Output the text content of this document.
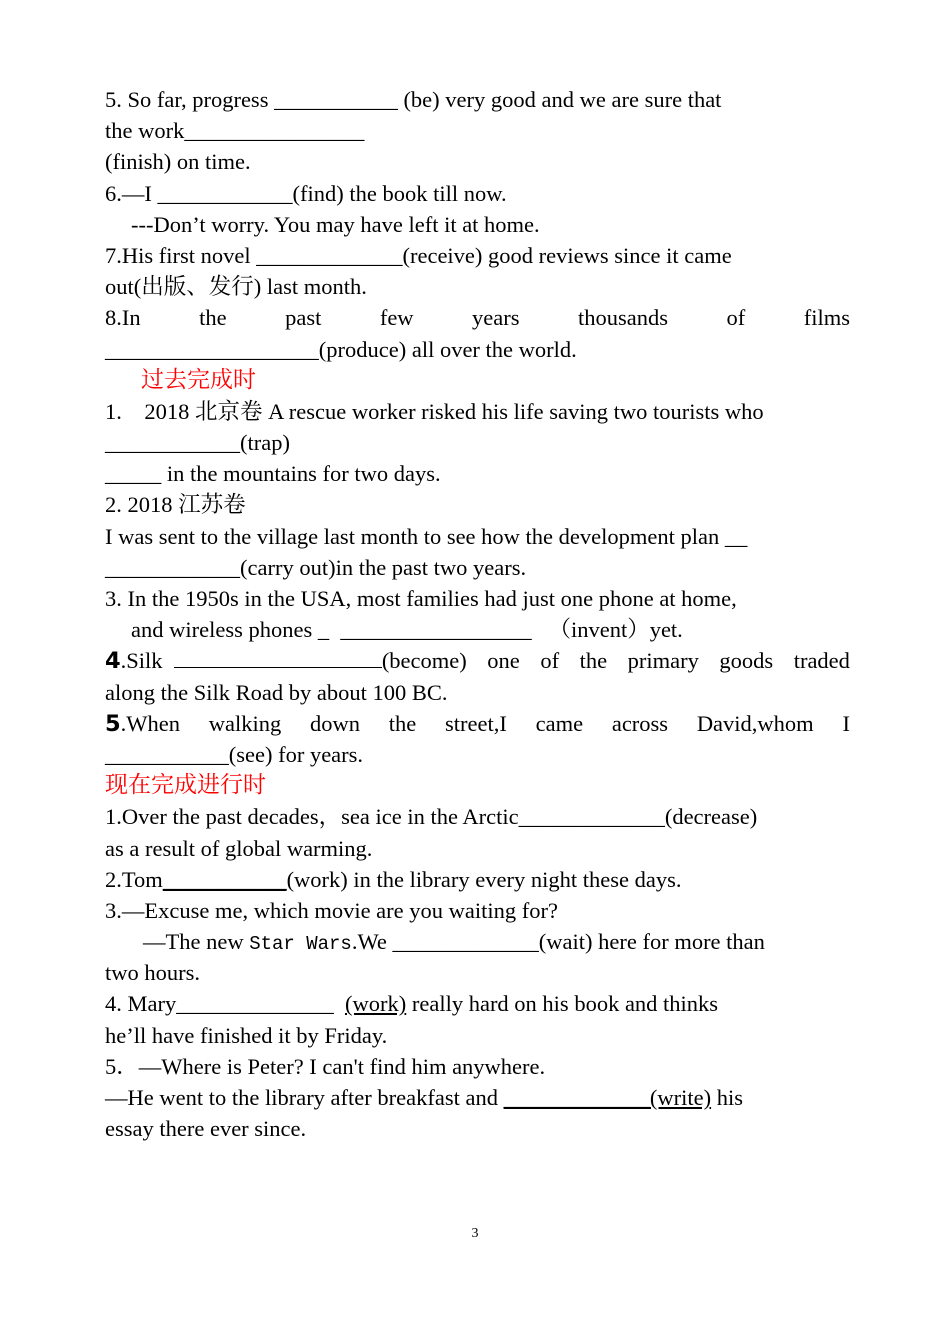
5. So far, progress ___________ (be) very good and we are sure that
the work________________
(finish) on time.
6.—I ____________(find) the book till now.
---Don’t worry. You may have left it at home.
7.His first novel _____________(receive) good reviews since it came
out(出版、发行) last month.
8.In	the	past	few	years	thousands	of	films
___________________(produce) all over the world.
过去完成时
1.    2018 北京卷 A rescue worker risked his life saving two tourists who
____________(trap)
_____ in the mountains for two days.
2. 2018 江苏卷
I was sent to the village last month to see how the development plan __
____________(carry out)in the past two years.
3. In the 1950s in the USA, most families had just one phone at home,
and wireless phones _  _________________   （invent）yet.
4.Silk	(become) one of the primary goods traded
along the Silk Road by about 100 BC.
5.When walking down the street,I came across David,whom I
___________(see) for years.
现在完成进行时
1.Over the past decades，sea ice in the Arctic_____________(decrease)
as a result of global warming.
2.Tom___________(work) in the library every night these days.
3.—Excuse me, which movie are you waiting for?
—The new Star Wars.We _____________(wait) here for more than
two hours.
4. Mary______________  (work) really hard on his book and thinks
he’ll have finished it by Friday.
5．—Where is Peter? I can't find him anywhere.
—He went to the library after breakfast and _____________(write) his
essay there ever since.
3
